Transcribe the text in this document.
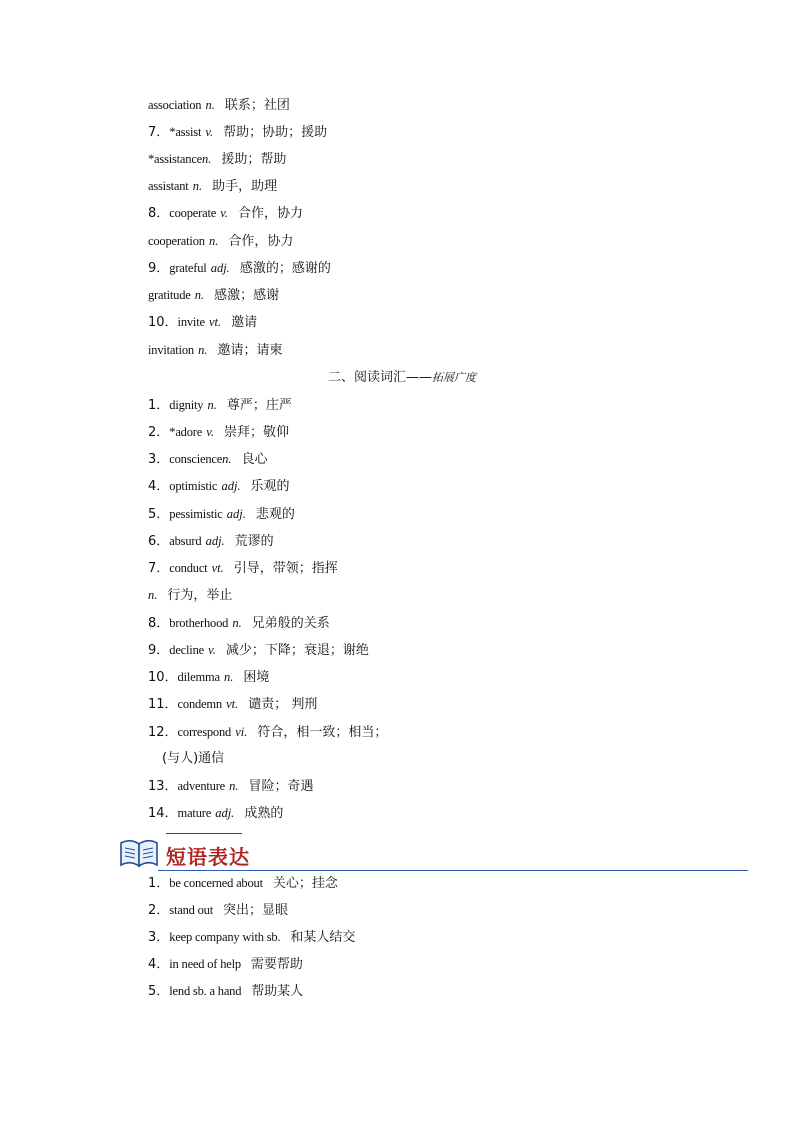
association n. 联系；社团
7．*assist v. 帮助；协助；援助
*assistancen. 援助；帮助
assistant n. 助手，助理
8．cooperate v. 合作，协力
cooperation n. 合作，协力
9．grateful adj. 感激的；感谢的
gratitude n. 感激；感谢
10．invite vt. 邀请
invitation n. 邀请；请柬
二、阅读词汇——拓展广度
1．dignity n. 尊严；庄严
2．*adore v. 崇拜；敬仰
3．consciencen. 良心
4．optimistic adj. 乐观的
5．pessimistic adj. 悲观的
6．absurd adj. 荒谬的
7．conduct vt. 引导，带领；指挥
n. 行为，举止
8．brotherhood n. 兄弟般的关系
9．decline v. 减少；下降；衰退；谢绝
10．dilemma n. 困境
11．condemn vt. 谴责； 判刑
12．correspond vi. 符合，相一致；相当；
(与人)通信
13．adventure n. 冒险；奇遇
14．mature adj. 成熟的
短语表达
1．be concerned about 关心；挂念
2．stand out 突出；显眼
3．keep company with sb. 和某人结交
4．in need of help 需要帮助
5．lend sb. a hand 帮助某人
